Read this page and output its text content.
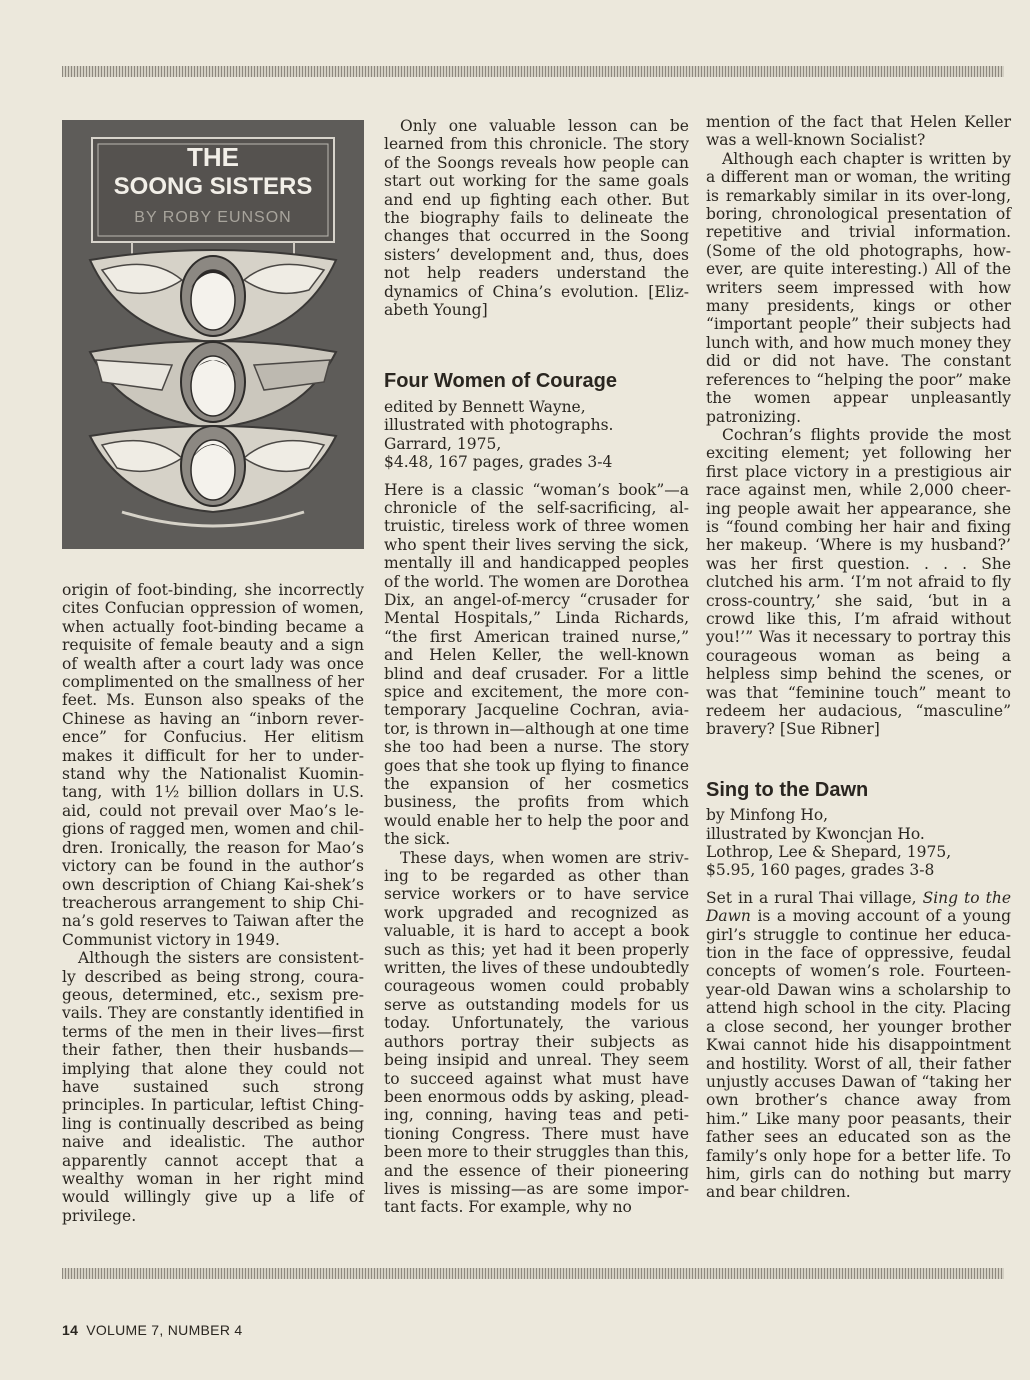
THE
SOONG SISTERS
BY ROBY EUNSON

origin of foot-binding, she incorrectly cites Confucian oppression of women, when actually foot-binding became a requisite of female beauty and a sign of wealth after a court lady was once complimented on the smallness of her feet. Ms. Eunson also speaks of the Chinese as having an “inborn reverence” for Confucius. Her elitism makes it difficult for her to understand why the Nationalist Kuomintang, with 1½ billion dollars in U.S. aid, could not prevail over Mao’s legions of ragged men, women and children. Ironically, the reason for Mao’s victory can be found in the author’s own description of Chiang Kai-shek’s treacherous arrangement to ship China’s gold reserves to Taiwan after the Communist victory in 1949.

Although the sisters are consistently described as being strong, courageous, determined, etc., sexism prevails. They are constantly identified in terms of the men in their lives—first their father, then their husbands—implying that alone they could not have sustained such strong principles. In particular, leftist Ching-ling is continually described as being naive and idealistic. The author apparently cannot accept that a wealthy woman in her right mind would willingly give up a life of privilege.

Only one valuable lesson can be learned from this chronicle. The story of the Soongs reveals how people can start out working for the same goals and end up fighting each other. But the biography fails to delineate the changes that occurred in the Soong sisters’ development and, thus, does not help readers understand the dynamics of China’s evolution. [Elizabeth Young]

Four Women of Courage
edited by Bennett Wayne,
illustrated with photographs.
Garrard, 1975,
$4.48, 167 pages, grades 3-4

Here is a classic “woman’s book”—a chronicle of the self-sacrificing, altruistic, tireless work of three women who spent their lives serving the sick, mentally ill and handicapped peoples of the world. The women are Dorothea Dix, an angel-of-mercy “crusader for Mental Hospitals,” Linda Richards, “the first American trained nurse,” and Helen Keller, the well-known blind and deaf crusader. For a little spice and excitement, the more contemporary Jacqueline Cochran, aviator, is thrown in—although at one time she too had been a nurse. The story goes that she took up flying to finance the expansion of her cosmetics business, the profits from which would enable her to help the poor and the sick.

These days, when women are striving to be regarded as other than service workers or to have service work upgraded and recognized as valuable, it is hard to accept a book such as this; yet had it been properly written, the lives of these undoubtedly courageous women could probably serve as outstanding models for us today. Unfortunately, the various authors portray their subjects as being insipid and unreal. They seem to succeed against what must have been enormous odds by asking, pleading, conning, having teas and petitioning Congress. There must have been more to their struggles than this, and the essence of their pioneering lives is missing—as are some important facts. For example, why no

mention of the fact that Helen Keller was a well-known Socialist?

Although each chapter is written by a different man or woman, the writing is remarkably similar in its over-long, boring, chronological presentation of repetitive and trivial information. (Some of the old photographs, however, are quite interesting.) All of the writers seem impressed with how many presidents, kings or other “important people” their subjects had lunch with, and how much money they did or did not have. The constant references to “helping the poor” make the women appear unpleasantly patronizing.

Cochran’s flights provide the most exciting element; yet following her first place victory in a prestigious air race against men, while 2,000 cheering people await her appearance, she is “found combing her hair and fixing her makeup. ‘Where is my husband?’ was her first question. . . . She clutched his arm. ‘I’m not afraid to fly cross-country,’ she said, ‘but in a crowd like this, I’m afraid without you!’” Was it necessary to portray this courageous woman as being a helpless simp behind the scenes, or was that “feminine touch” meant to redeem her audacious, “masculine” bravery? [Sue Ribner]

Sing to the Dawn
by Minfong Ho,
illustrated by Kwoncjan Ho.
Lothrop, Lee & Shepard, 1975,
$5.95, 160 pages, grades 3-8

Set in a rural Thai village, Sing to the Dawn is a moving account of a young girl’s struggle to continue her education in the face of oppressive, feudal concepts of women’s role. Fourteen-year-old Dawan wins a scholarship to attend high school in the city. Placing a close second, her younger brother Kwai cannot hide his disappointment and hostility. Worst of all, their father unjustly accuses Dawan of “taking her own brother’s chance away from him.” Like many poor peasants, their father sees an educated son as the family’s only hope for a better life. To him, girls can do nothing but marry and bear children.

14 VOLUME 7, NUMBER 4
